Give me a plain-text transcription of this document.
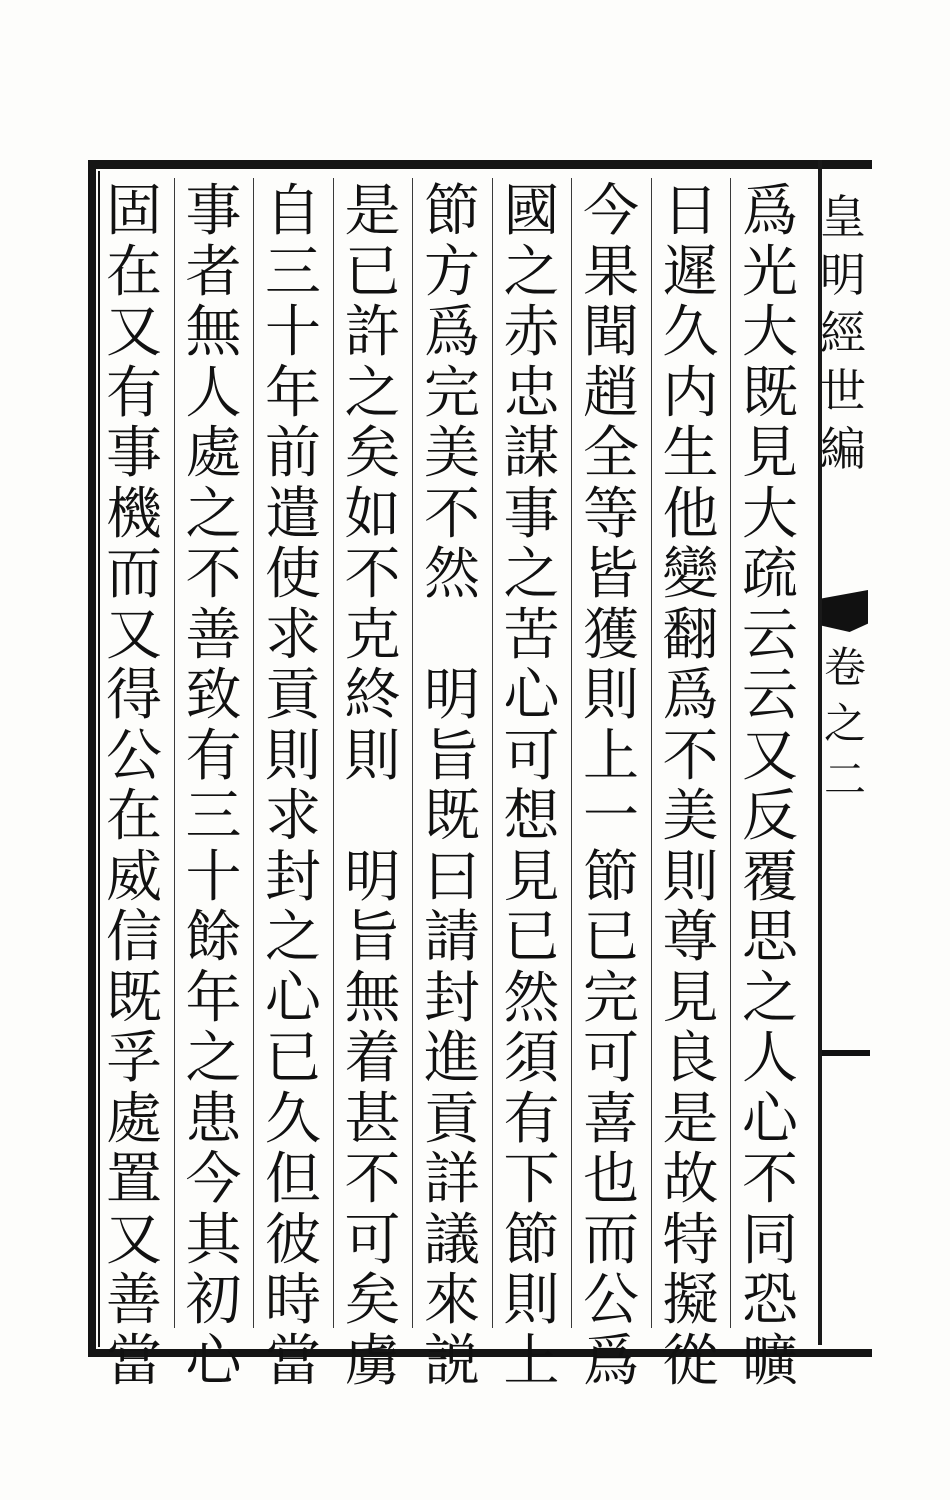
皇
明
經
世
編
卷
之
二
爲
光
大
既
見
大
疏
云
云
又
反
覆
思
之
人
心
不
同
恐
曠
日
遲
久
内
生
他
變
翻
爲
不
美
則
尊
見
良
是
故
特
擬
從
今
果
聞
趙
全
等
皆
獲
則
上
一
節
已
完
可
喜
也
而
公
爲
國
之
赤
忠
謀
事
之
苦
心
可
想
見
已
然
須
有
下
節
則
上
節
方
爲
完
美
不
然

明
旨
既
曰
請
封
進
貢
詳
議
來
説
是
已
許
之
矣
如
不
克
終
則

明
旨
無
着
甚
不
可
矣
虜
自
三
十
年
前
遣
使
求
貢
則
求
封
之
心
已
久
但
彼
時
當
事
者
無
人
處
之
不
善
致
有
三
十
餘
年
之
患
今
其
初
心
固
在
又
有
事
機
而
又
得
公
在
威
信
既
孚
處
置
又
善
當
